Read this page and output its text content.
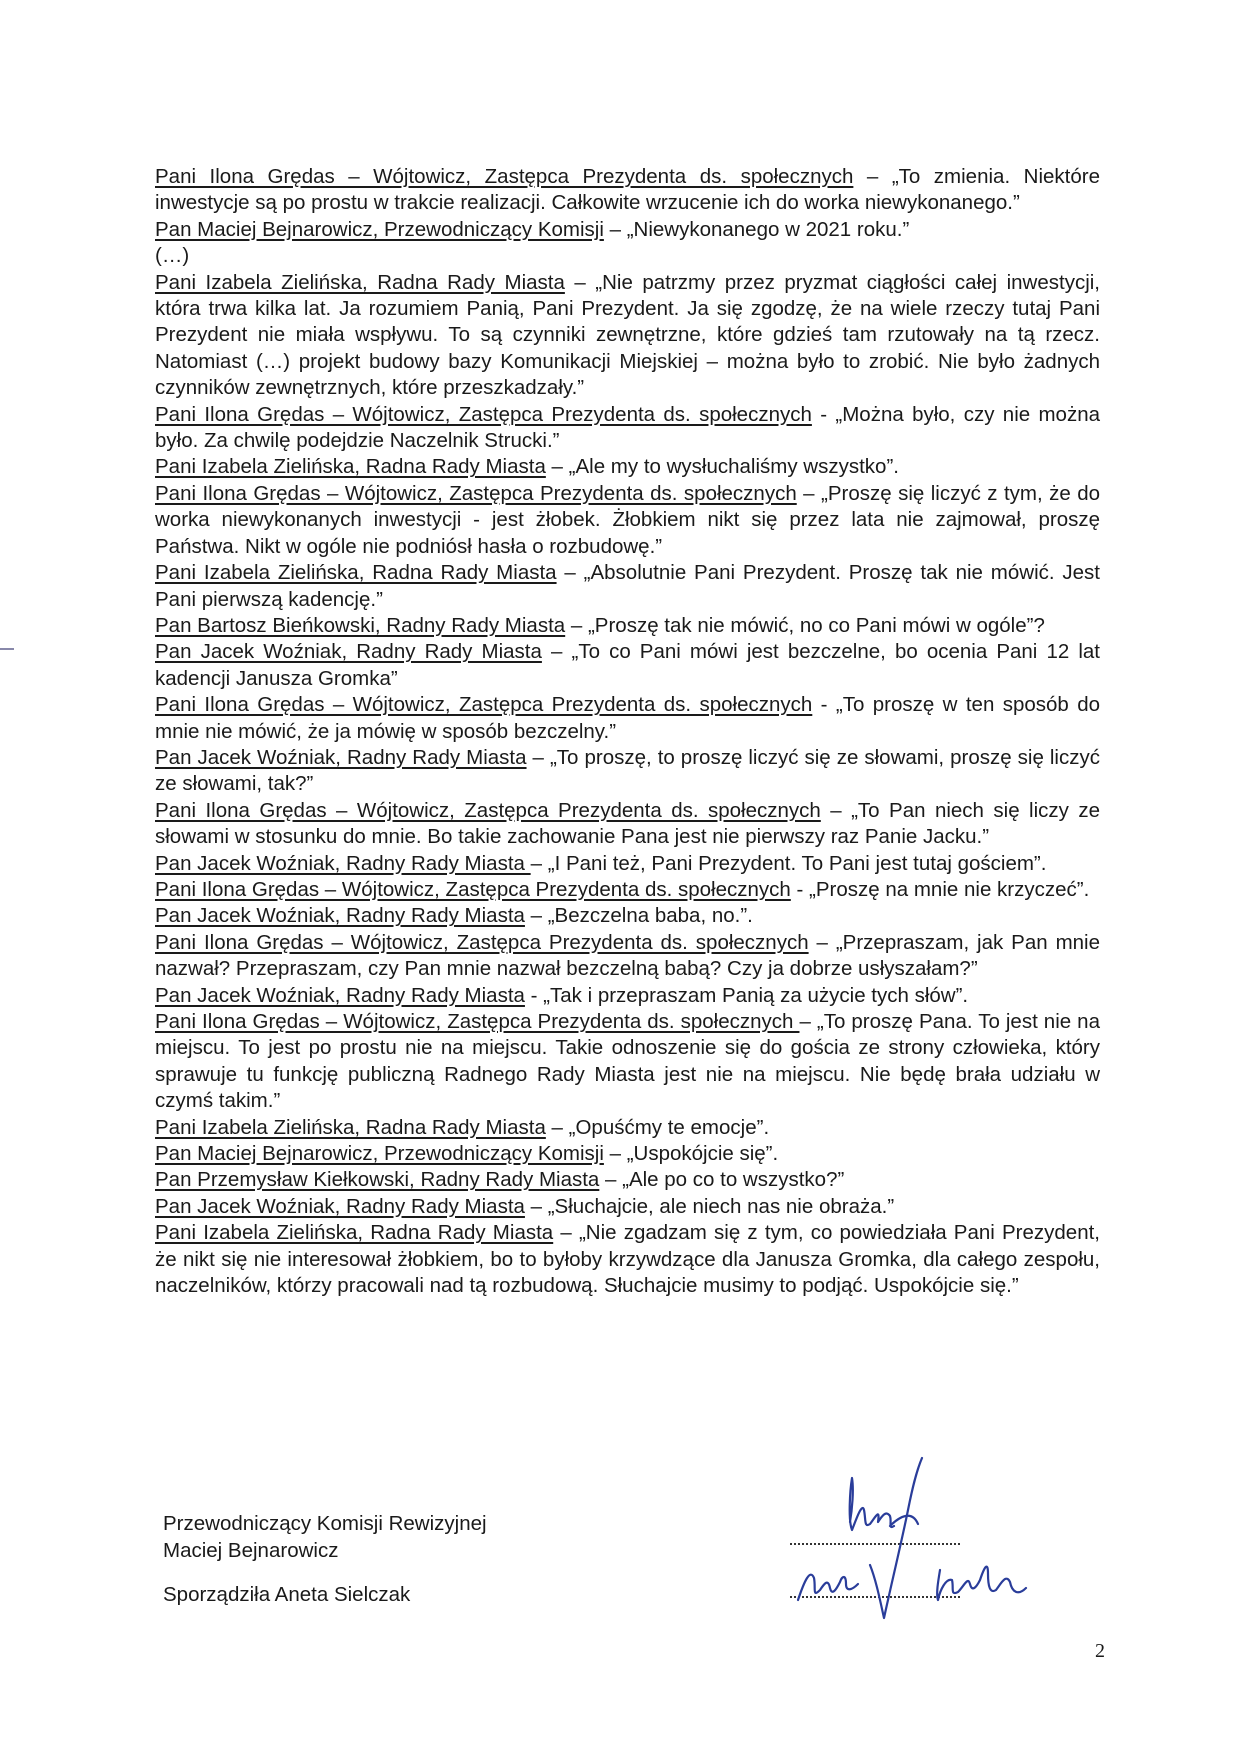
Pani Ilona Grędas – Wójtowicz, Zastępca Prezydenta ds. społecznych – „To zmienia. Niektóre inwestycje są po prostu w trakcie realizacji. Całkowite wrzucenie ich do worka niewykonanego.”
Pan Maciej Bejnarowicz, Przewodniczący Komisji – „Niewykonanego w 2021 roku.”
(…)
Pani Izabela Zielińska, Radna Rady Miasta – „Nie patrzmy przez pryzmat ciągłości całej inwestycji, która trwa kilka lat. Ja rozumiem Panią, Pani Prezydent. Ja się zgodzę, że na wiele rzeczy tutaj Pani Prezydent nie miała wspływu. To są czynniki zewnętrzne, które gdzieś tam rzutowały na tą rzecz. Natomiast (…) projekt budowy bazy Komunikacji Miejskiej – można było to zrobić. Nie było żadnych czynników zewnętrznych, które przeszkadzały.”
Pani Ilona Grędas – Wójtowicz, Zastępca Prezydenta ds. społecznych - „Można było, czy nie można było. Za chwilę podejdzie Naczelnik Strucki.”
Pani Izabela Zielińska, Radna Rady Miasta – „Ale my to wysłuchaliśmy wszystko”.
Pani Ilona Grędas – Wójtowicz, Zastępca Prezydenta ds. społecznych – „Proszę się liczyć z tym, że do worka niewykonanych inwestycji - jest żłobek. Żłobkiem nikt się przez lata nie zajmował, proszę Państwa. Nikt w ogóle nie podniósł hasła o rozbudowę.”
Pani Izabela Zielińska, Radna Rady Miasta – „Absolutnie Pani Prezydent. Proszę tak nie mówić. Jest Pani pierwszą kadencję.”
Pan Bartosz Bieńkowski, Radny Rady Miasta – „Proszę tak nie mówić, no co Pani mówi w ogóle”?
Pan Jacek Woźniak, Radny Rady Miasta – „To co Pani mówi jest bezczelne, bo ocenia Pani 12 lat kadencji Janusza Gromka”
Pani Ilona Grędas – Wójtowicz, Zastępca Prezydenta ds. społecznych - „To proszę w ten sposób do mnie nie mówić, że ja mówię w sposób bezczelny.”
Pan Jacek Woźniak, Radny Rady Miasta – „To proszę, to proszę liczyć się ze słowami, proszę się liczyć ze słowami, tak?”
Pani Ilona Grędas – Wójtowicz, Zastępca Prezydenta ds. społecznych – „To Pan niech się liczy ze słowami w stosunku do mnie. Bo takie zachowanie Pana jest nie pierwszy raz Panie Jacku.”
Pan Jacek Woźniak, Radny Rady Miasta – „I Pani też, Pani Prezydent. To Pani jest tutaj gościem”.
Pani Ilona Grędas – Wójtowicz, Zastępca Prezydenta ds. społecznych - „Proszę na mnie nie krzyczeć”.
Pan Jacek Woźniak, Radny Rady Miasta – „Bezczelna baba, no.”.
Pani Ilona Grędas – Wójtowicz, Zastępca Prezydenta ds. społecznych – „Przepraszam, jak Pan mnie nazwał? Przepraszam, czy Pan mnie nazwał bezczelną babą? Czy ja dobrze usłyszałam?”
Pan Jacek Woźniak, Radny Rady Miasta - „Tak i przepraszam Panią za użycie tych słów”.
Pani Ilona Grędas – Wójtowicz, Zastępca Prezydenta ds. społecznych – „To proszę Pana. To jest nie na miejscu. To jest po prostu nie na miejscu. Takie odnoszenie się do gościa ze strony człowieka, który sprawuje tu funkcję publiczną Radnego Rady Miasta jest nie na miejscu. Nie będę brała udziału w czymś takim.”
Pani Izabela Zielińska, Radna Rady Miasta – „Opuśćmy te emocje”.
Pan Maciej Bejnarowicz, Przewodniczący Komisji – „Uspokójcie się”.
Pan Przemysław Kiełkowski, Radny Rady Miasta – „Ale po co to wszystko?”
Pan Jacek Woźniak, Radny Rady Miasta – „Słuchajcie, ale niech nas nie obraża.”
Pani Izabela Zielińska, Radna Rady Miasta – „Nie zgadzam się z tym, co powiedziała Pani Prezydent, że nikt się nie interesował żłobkiem, bo to byłoby krzywdzące dla Janusza Gromka, dla całego zespołu, naczelników, którzy pracowali nad tą rozbudową. Słuchajcie musimy to podjąć. Uspokójcie się.”
Przewodniczący Komisji Rewizyjnej
Maciej Bejnarowicz
Sporządziła Aneta Sielczak
2
